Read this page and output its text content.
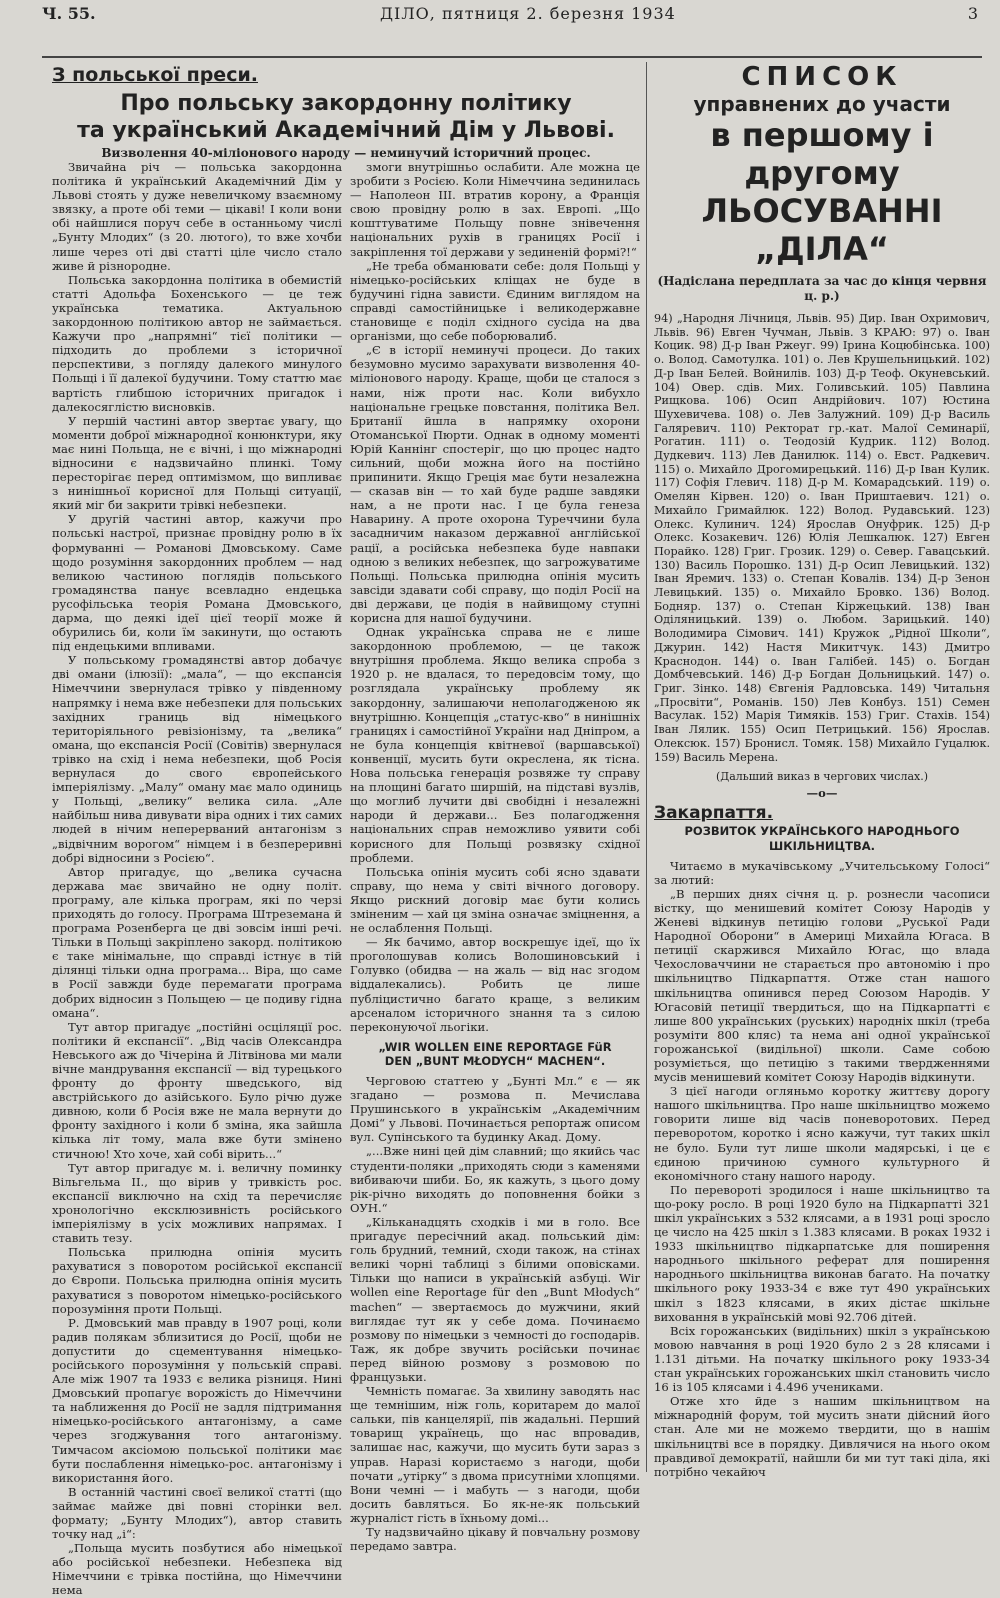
Ч. 55.	ДІЛО, пятниця 2. березня 1934	3
З польської преси.
Про польську закордонну політику
та український Академічний Дім у Львові.
Визволення 40-міліонового народу — неминучий історичний процес.

Звичайна річ — польська закордонна політика й український Академічний Дім у Львові стоять у дуже невеличкому взаємному звязку, а проте обі теми — цікаві! І коли вони обі найшлися поруч себе в останньому числі „Бунту Млодих“ (з 20. лютого), то вже хочби лише через оті дві статті ціле число стало живе й різнородне.

Польська закордонна політика в обемистій статті Адольфа Бохенського — це теж українська тематика. Актуальною закордонною політикою автор не займається. Кажучи про „напрямні“ тієї політики — підходить до проблеми з історичної перспективи, з погляду далекого минулого Польщі і її далекої будучини. Тому статтю має вартість глибшою історичних пригадок і далекосяглістю висновків.

У першій частині автор звертає увагу, що моменти доброї міжнародної конюнктури, яку має нині Польща, не є вічні, і що міжнародні відносини є надзвичайно плинкі. Тому пересторігає перед оптимізмом, що випливає з нинішньої корисної для Польщі ситуації, який міг би закрити трівкі небезпеки.

У другій частині автор, кажучи про польські настрої, признає провідну ролю в їх формуванні — Романові Дмовському. Саме щодо розуміння закордонних проблем — над великою частиною поглядів польського громадянства панує всевладно ендецька русофільська теорія Романа Дмовського, дарма, що деякі ідеї цієї теорії може й обурились би, коли їм закинути, що остають під ендецькими впливами.

У польському громадянстві автор добачує дві омани (ілюзії): „мала“, — що експансія Німеччини звернулася трівко у південному напрямку і нема вже небезпеки для польських західних границь від німецького територіяльного ревізіонізму, та „велика“ омана, що експансія Росії (Совітів) звернулася трівко на схід і нема небезпеки, щоб Росія вернулася до свого європейського імперіялізму. „Малу“ оману має мало одиниць у Польщі, „велику“ велика сила. „Але найбільш нива дивувати віра одних і тих самих людей в нічим неперерваний антагонізм з „відвічним ворогом“ німцем і в безпереривні добрі відносини з Росією“.

Автор пригадує, що „велика сучасна держава має звичайно не одну політ. програму, але кілька програм, які по черзі приходять до голосу. Програма Штреземана й програма Розенберга це дві зовсім інші речі. Тільки в Польщі закріплено закорд. політикою є таке мінімальне, що справді істнує в тій ділянці тільки одна програма... Віра, що саме в Росії завжди буде перемагати програма добрих відносин з Польщею — це подиву гідна омана“.

Тут автор пригадує „постійні осціляції рос. політики й експансії“. „Від часів Олександра Невського аж до Чічеріна й Літвінова ми мали вічне мандрування експансії — від турецького фронту до фронту шведського, від австрійського до азійського. Було річю дуже дивною, коли б Росія вже не мала вернути до фронту західного і коли б зміна, яка зайшла кілька літ тому, мала вже бути змінено стичною! Хто хоче, хай собі вірить...“

Тут автор пригадує м. і. величну поминку Вільгельма II., що вірив у тривкість рос. експансії виключно на схід та перечисляє хронологічно ексклюзивність російського імперіялізму в усіх можливих напрямах. І ставить тезу.

Польська прилюдна опінія мусить рахуватися з поворотом російської експансії до Європи. Польська прилюдна опінія мусить рахуватися з поворотом німецько-російського порозуміння проти Польщі.

Р. Дмовський мав правду в 1907 році, коли радив полякам зблизитися до Росії, щоби не допустити до сцементування німецько-російського порозуміння у польській справі. Але між 1907 та 1933 є велика різниця. Нині Дмовський пропагує ворожість до Німеччини та наближення до Росії не задля підтримання німецько-російського антагонізму, а саме через згоджування того антагонізму. Тимчасом аксіомою польської політики має бути послаблення німецько-рос. антагонізму і використання його.

В останній частині своєї великої статті (що займає майже дві повні сторінки вел. формату; „Бунту Млодих“), автор ставить точку над „і“:

„Польща мусить позбутися або німецької або російської небезпеки. Небезпека від Німеччини є трівка постійна, що Німеччини нема

змоги внутрішньо ослабити. Але можна це зробити з Росією. Коли Німеччина зединилась — Наполеон III. втратив корону, а Франція свою провідну ролю в заx. Европі. „Що кошттуватиме Польщу повне знівечення національних рухів в границях Росії і закріплення тої держави у зединеній формі?!“

„Не треба обманювати себе: доля Польщі у німецько-російських кліщах не буде в будучині гідна зависти. Єдиним виглядом на справді самостійницьке і великодержавне становище є поділ східного сусіда на два організми, що себе поборювалиб.

„Є в історії неминучі процеси. До таких безумовно мусимо зарахувати визволення 40-міліонового народу. Краще, щоби це сталося з нами, ніж проти нас. Коли вибухло національне грецьке повстання, політика Вел. Британії йшла в напрямку охорони Отоманської Пюрти. Однак в одному моменті Юрій Каннінг спостеріг, що цю процес надто сильний, щоби можна його на постійно припинити. Якщо Греція має бути незалежна — сказав він — то хай буде радше завдяки нам, а не проти нас. І це була генеза Наварину. А проте охорона Туреччини була засадничим наказом державної англійської рації, а російська небезпека буде навпаки одною з великих небезпек, що загрожуватиме Польщі. Польська прилюдна опінія мусить завсіди здавати собі справу, що поділ Росії на дві держави, це подія в найвищому ступні корисна для нашої будучини.

Однак українська справа не є лише закордонною проблемою, — це також внутрішня проблема. Якщо велика спроба з 1920 р. не вдалася, то передовсім тому, що розглядала українську проблему як закордонну, залишаючи неполагодженою як внутрішню. Концепція „статус-кво“ в нинішніх границях і самостійної України над Дніпром, а не була концепція квітневої (варшавської) конвенції, мусить бути окреслена, як тісна. Нова польська генерація розвяже ту справу на площині багато ширшій, на підставі вузлів, що моглиб лучити дві свобідні і незалежні народи й держави... Без полагодження національних справ неможливо уявити собі корисного для Польщі розвязку східної проблеми.

Польська опінія мусить собі ясно здавати справу, що нема у світі вічного договору. Якщо рискний договір має бути колись зміненим — хай ця зміна означає зміцнення, а не ослаблення Польщі.

— Як бачимо, автор воскрешує ідеї, що їх проголошував колись Волошиновський і Голувко (обидва — на жаль — від нас згодом віддалекались). Робить це лише публіцистично багато краще, з великим арсеналом історичного знання та з силою переконуючої льогіки.

„WIR WOLLEN EINE REPORTAGE FüR
DEN „BUNT MŁODYCH“ MACHEN“.

Черговою статтею у „Бунті Мл.“ є — як згадано — розмова п. Мечислава Прушинського в українськім „Академічним Домі“ у Львові. Починається репортаж описом вул. Супінського та будинку Акад. Дому.

„...Вже нині цей дім славний; що якийсь час студенти-поляки „приходять сюди з каменями вибиваючи шиби. Бо, як кажуть, з цього дому рік-річно виходять до поповнення бойки з ОУН.“

„Кільканадцять сходків і ми в голо. Все пригадує пересічний акад. польський дім: голь брудний, темний, сходи також, на стінах великі чорні таблиці з білими оповісками. Тільки що написи в українській азбуці. Wir wollen eine Reportage für den „Bunt Młodych“ machen“ — звертаємось до мужчини, який виглядає тут як у себе дома. Починаємо розмову по німецьки з чемності до господарів. Таж, як добре звучить російськи починає перед війною розмову з розмовою по французьки.

Чемність помагає. За хвилину заводять нас ще темнішим, ніж голь, коритарем до малої сальки, пів канцелярії, пів жадальні. Перший товарищ українець, що нас впровадив, залишає нас, кажучи, що мусить бути зараз з управ. Наразі користаємо з нагоди, щоби почати „утірку“ з двома присутніми хлопцями. Вони чемні — і мабуть — з нагоди, щоби досить бавляться. Бо як-не-як польський журналіст гість в їхньому домі...

Ту надзвичайно цікаву й повчальну розмову передамо завтра.

СПИСОК
управнених до участи
в першому і другому
ЛЬОСУВАННІ „ДІЛА“
(Надіслана передплата за час до кінця червня ц. р.)
94) „Народня Лічниця, Львів. 95) Дир. Іван Охримович, Львів. 96) Евген Чучман, Львів. З КРАЮ: 97) о. Іван Коцик. 98) Д-р Іван Ржеуг. 99) Ірина Коцюбінська. 100) о. Волод. Самотулка. 101) о. Лев Крушельницький. 102) Д-р Іван Белей. Войнилів. 103) Д-р Теоф. Окуневський. 104) Овер. сдів. Мих. Голивський. 105) Павлина Рищкова. 106) Осип Андрійович. 107) Юстина Шухевичева. 108) о. Лев Залужний. 109) Д-р Василь Галяревич. 110) Ректорат гр.-кат. Малої Семинарії, Рогатин. 111) о. Теодозій Кудрик. 112) Волод. Дудкевич. 113) Лев Данилюк. 114) о. Евст. Радкевич. 115) о. Михайло Дрогомирецький. 116) Д-р Іван Кулик. 117) Софія Глевич. 118) Д-р М. Комарадський. 119) о. Омелян Кірвен. 120) о. Іван Приштаевич. 121) о. Михайло Гримайлюк. 122) Волод. Рудавський. 123) Олекс. Кулинич. 124) Ярослав Онуфрик. 125) Д-р Олекс. Козакевич. 126) Юлія Лешкалюк. 127) Евген Порайко. 128) Григ. Грозик. 129) о. Север. Гавацський. 130) Василь Порошко. 131) Д-р Осип Левицький. 132) Іван Яремич. 133) о. Степан Ковалів. 134) Д-р Зенон Левицький. 135) о. Михайло Бровко. 136) Волод. Бодняр. 137) о. Степан Кіржецький. 138) Іван Оділяницький. 139) о. Любом. Зарицький. 140) Володимира Сімович. 141) Кружок „Рідної Школи“, Джурин. 142) Настя Микитчук. 143) Дмитро Краснодон. 144) о. Іван Галібей. 145) о. Богдан Домбчевський. 146) Д-р Богдан Дольницький. 147) о. Григ. Зінко. 148) Євгенія Радловська. 149) Читальня „Просвіти“, Романів. 150) Лев Конбуз. 151) Семен Васулак. 152) Марія Тимяків. 153) Григ. Стахів. 154) Іван Лялик. 155) Осип Петрицький. 156) Ярослав. Олексюк. 157) Бронисл. Томяк. 158) Михайло Гуцалюк. 159) Василь Мерена.
(Дальший виказ в чергових числах.)
—o—
Закарпаття.
РОЗВИТОК УКРАЇНСЬКОГО НАРОДНЬОГО
ШКІЛЬНИЦТВА.

Читаємо в мукачівському „Учительському Голосі“ за лютий:

„В перших днях січня ц. р. рознесли часописи вістку, що менишевий комітет Союзу Народів у Женеві відкинув петицію голови „Руської Ради Народної Оборони“ в Америці Михайла Югаса. В петиції скаржився Михайло Югас, що влада Чехословаччини не старається про автономію і про шкільництво Підкарпаття. Отже стан нашого шкільництва опинився перед Союзом Народів. У Югасовій петиції твердиться, що на Підкарпатті є лише 800 українських (руських) народніх шкіл (треба розуміти 800 кляс) та нема ані одної української горожанської (видільної) школи. Саме собою розуміється, що петицію з такими твердженнями мусів менишевий комітет Союзу Народів відкинути.

З цієї нагоди огляньмо коротку життєву дорогу нашого шкільництва. Про наше шкільництво можемо говорити лише від часів поневоротових. Перед переворотом, коротко і ясно кажучи, тут таких шкіл не було. Були тут лише школи мадярські, і це є єдиною причиною сумного культурного й економічного стану нашого народу.

По перевороті зродилося і наше шкільництво та що-року росло. В році 1920 було на Підкарпатті 321 шкіл українських з 532 клясами, а в 1931 році зросло це число на 425 шкіл з 1.383 клясами. В роках 1932 і 1933 шкільництво підкарпатське для поширення народнього шкільного реферат для поширення народнього шкільництва виконав багато. На початку шкільного року 1933-34 є вже тут 490 українських шкіл з 1823 клясами, в яких дістає шкільне виховання в українській мові 92.706 дітей.

Всіх горожанських (видільних) шкіл з українською мовою навчання в році 1920 було 2 з 28 клясами і 1.131 дітьми. На початку шкільного року 1933-34 стан українських горожанських шкіл становить число 16 із 105 клясами і 4.496 учениками.

Отже хто йде з нашим шкільництвом на міжнародній форум, той мусить знати дійсний його стан. Але ми не можемо твердити, що в нашім шкільництві все в порядку. Дивлячися на нього оком правдивої демократії, найшли би ми тут такі діла, які потрібно чекайюч
